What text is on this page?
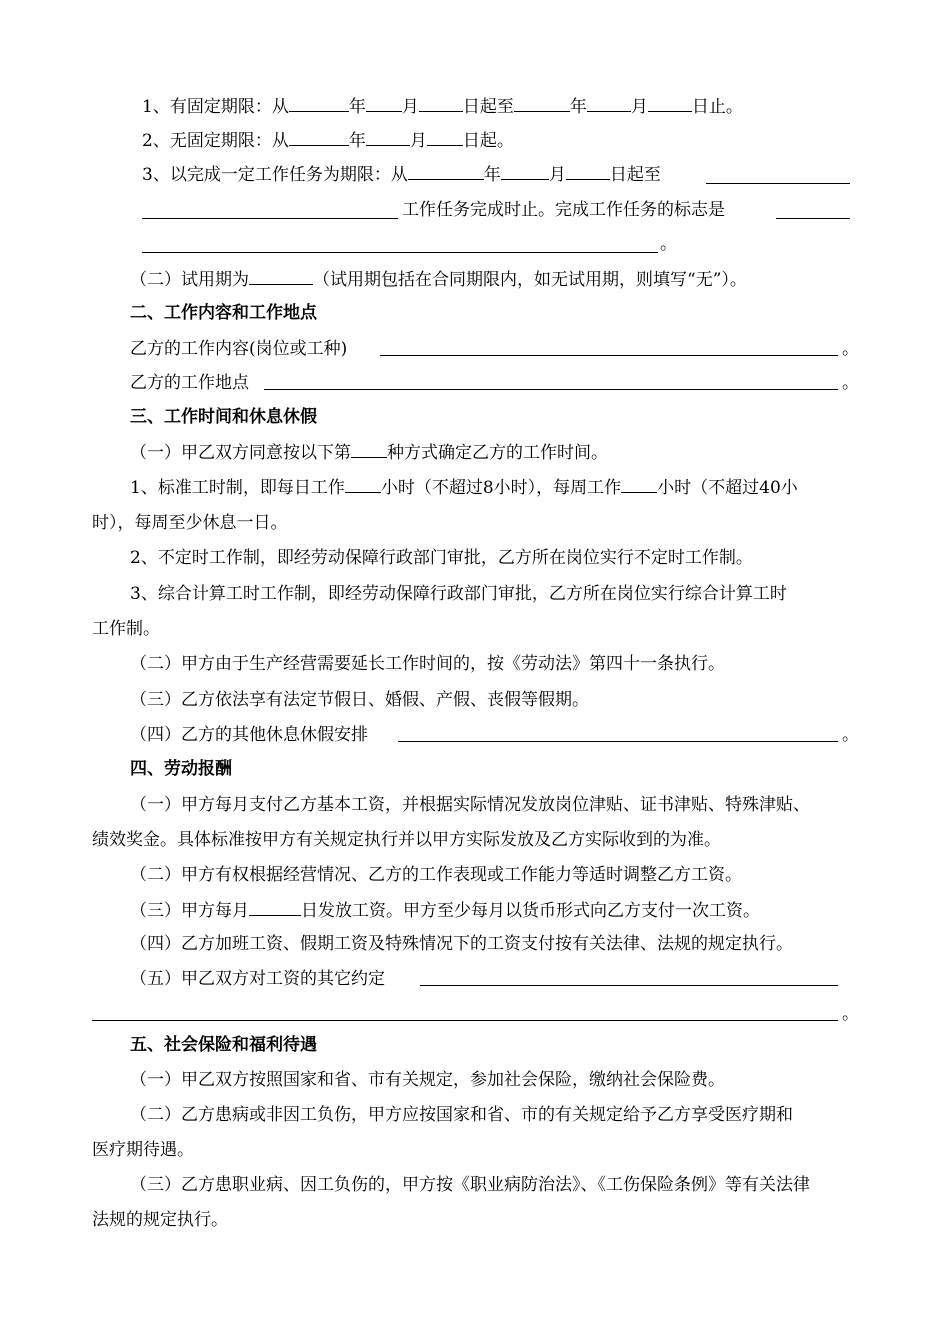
1、有固定期限：从	年 月	日起至	年	月	日止。
2、无固定期限：从	年	月 日起。
3、以完成一定工作任务为期限：从	年	月	日起至
工作任务完成时止。完成工作任务的标志是
。
（二）试用期为	（试用期包括在合同期限内，如无试用期，则填写“无”）。
二、工作内容和工作地点
乙方的工作内容(岗位或工种)	。
乙方的工作地点	。
三、工作时间和休息休假
（一）甲乙双方同意按以下第 种方式确定乙方的工作时间。
1、标准工时制，即每日工作 小时（不超过8小时），每周工作 小时（不超过40小
时），每周至少休息一日。
2、不定时工作制，即经劳动保障行政部门审批，乙方所在岗位实行不定时工作制。
3、综合计算工时工作制，即经劳动保障行政部门审批，乙方所在岗位实行综合计算工时
工作制。
（二）甲方由于生产经营需要延长工作时间的，按《劳动法》第四十一条执行。
（三）乙方依法享有法定节假日、婚假、产假、丧假等假期。
（四）乙方的其他休息休假安排	。
四、劳动报酬
（一）甲方每月支付乙方基本工资，并根据实际情况发放岗位津贴、证书津贴、特殊津贴、
绩效奖金。具体标准按甲方有关规定执行并以甲方实际发放及乙方实际收到的为准。
（二）甲方有权根据经营情况、乙方的工作表现或工作能力等适时调整乙方工资。
（三）甲方每月	日发放工资。甲方至少每月以货币形式向乙方支付一次工资。
（四）乙方加班工资、假期工资及特殊情况下的工资支付按有关法律、法规的规定执行。
（五）甲乙双方对工资的其它约定
。
五、社会保险和福利待遇
（一）甲乙双方按照国家和省、市有关规定，参加社会保险，缴纳社会保险费。
（二）乙方患病或非因工负伤，甲方应按国家和省、市的有关规定给予乙方享受医疗期和
医疗期待遇。
（三）乙方患职业病、因工负伤的，甲方按《职业病防治法》、《工伤保险条例》等有关法律
法规的规定执行。
